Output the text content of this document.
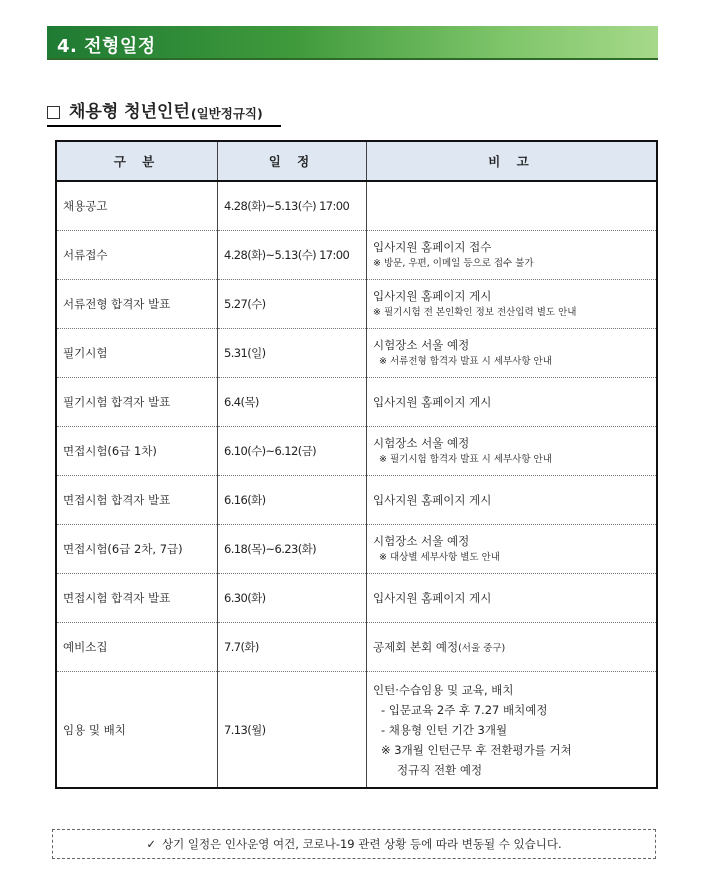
4. 전형일정
채용형 청년인턴 (일반정규직)
구 분	일 정	비 고
채용공고	4.28(화)~5.13(수) 17:00	
서류접수	4.28(화)~5.13(수) 17:00	입사지원 홈페이지 접수
※ 방문, 우편, 이메일 등으로 접수 불가

서류전형 합격자 발표	5.27(수)	입사지원 홈페이지 게시
※ 필기시험 전 본인확인 정보 전산입력 별도 안내

필기시험	5.31(일)	시험장소 서울 예정
※ 서류전형 합격자 발표 시 세부사항 안내

필기시험 합격자 발표	6.4(목)	입사지원 홈페이지 게시

면접시험(6급 1차)	6.10(수)~6.12(금)	시험장소 서울 예정
※ 필기시험 합격자 발표 시 세부사항 안내

면접시험 합격자 발표	6.16(화)	입사지원 홈페이지 게시

면접시험(6급 2차, 7급)	6.18(목)~6.23(화)	시험장소 서울 예정
※ 대상별 세부사항 별도 안내

면접시험 합격자 발표	6.30(화)	입사지원 홈페이지 게시

예비소집	7.7(화)	공제회 본회 예정(서울 중구)
임용 및 배치	7.13(월)	인턴·수습임용 및 교육, 배치
- 입문교육 2주 후 7.27 배치예정
- 채용형 인턴 기간 3개월
※ 3개월 인턴근무 후 전환평가를 거쳐
정규직 전환 예정
✓ 상기 일정은 인사운영 여건, 코로나-19 관련 상황 등에 따라 변동될 수 있습니다.
